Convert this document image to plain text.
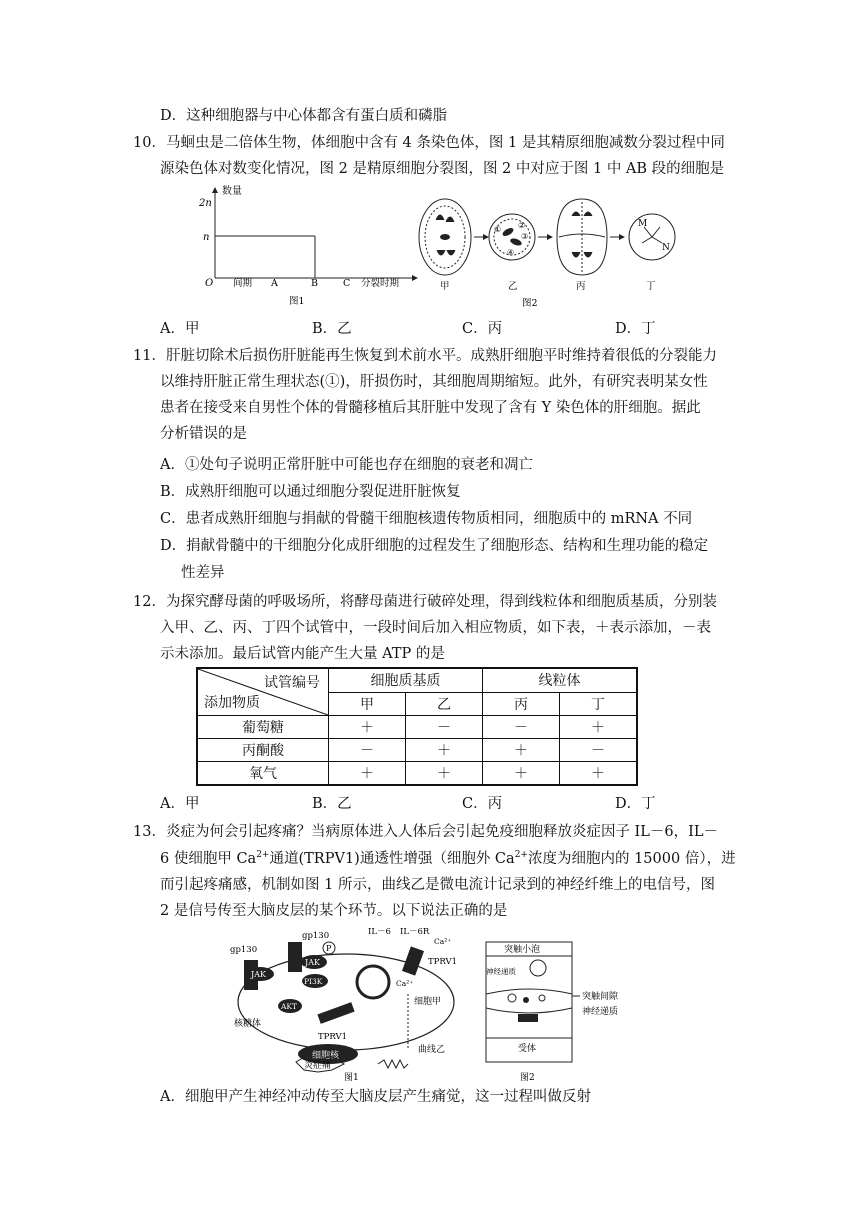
D．这种细胞器与中心体都含有蛋白质和磷脂
10．马蛔虫是二倍体生物，体细胞中含有 4 条染色体，图 1 是其精原细胞减数分裂过程中同
源染色体对数变化情况，图 2 是精原细胞分裂图，图 2 中对应于图 1 中 AB 段的细胞是
数量
2n
n
O 间期 A	B	C 分裂时期
图1
① ②
③
④
M
N
甲	乙	丙	丁
图2
A．甲	B．乙	C．丙	D．丁
11．肝脏切除术后损伤肝脏能再生恢复到术前水平。成熟肝细胞平时维持着很低的分裂能力
以维持肝脏正常生理状态(①)，肝损伤时，其细胞周期缩短。此外，有研究表明某女性
患者在接受来自男性个体的骨髓移植后其肝脏中发现了含有 Y 染色体的肝细胞。据此
分析错误的是
A．①处句子说明正常肝脏中可能也存在细胞的衰老和凋亡
B．成熟肝细胞可以通过细胞分裂促进肝脏恢复
C．患者成熟肝细胞与捐献的骨髓干细胞核遗传物质相同，细胞质中的 mRNA 不同
D．捐献骨髓中的干细胞分化成肝细胞的过程发生了细胞形态、结构和生理功能的稳定
性差异
12．为探究酵母菌的呼吸场所，将酵母菌进行破碎处理，得到线粒体和细胞质基质，分别装
入甲、乙、丙、丁四个试管中，一段时间后加入相应物质，如下表，＋表示添加，－表
示未添加。最后试管内能产生大量 ATP 的是
试管编号
添加物质	细胞质基质		线粒体	
	甲	乙	丙	丁
葡萄糖	＋	－	－	＋
丙酮酸	－	＋	＋	－
氧气	＋	＋	＋	＋
A．甲	B．乙	C．丙	D．丁
13．炎症为何会引起疼痛？当病原体进入人体后会引起免疫细胞释放炎症因子 IL－6，IL－
6 使细胞甲 $Ca^{2+}$通道(TRPV1)通透性增强（细胞外 $Ca^{2+}$浓度为细胞内的 15000 倍），进
而引起疼痛感，机制如图 1 所示，曲线乙是微电流计记录到的神经纤维上的电信号，图
2 是信号传至大脑皮层的某个环节。以下说法正确的是
IL－6 IL－6R
gp130
gp130
JAK
JAK
P
PI3K
AKT
核糖体
TPRV1
细胞核
TPRV1
Ca²⁺
Ca²⁺
细胞甲
曲线乙
炎症痛
图1
突触小泡
神经递质
突触间隙
神经递质
受体
图2
A．细胞甲产生神经冲动传至大脑皮层产生痛觉，这一过程叫做反射
